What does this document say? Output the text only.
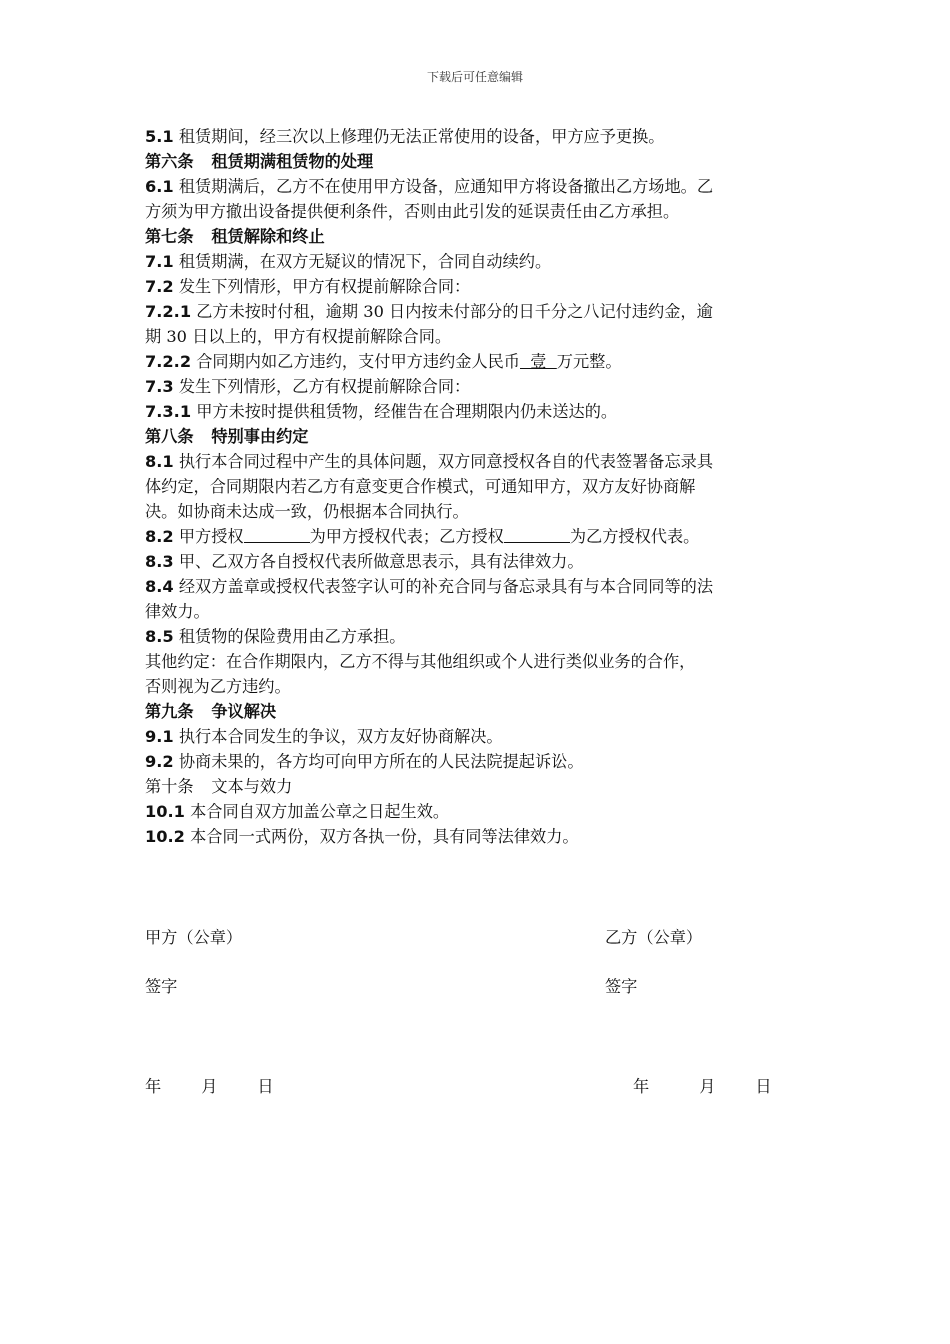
下载后可任意编辑
5.1 租赁期间，经三次以上修理仍无法正常使用的设备，甲方应予更换。
第六条 租赁期满租赁物的处理
6.1 租赁期满后，乙方不在使用甲方设备，应通知甲方将设备撤出乙方场地。乙
方须为甲方撤出设备提供便利条件，否则由此引发的延误责任由乙方承担。
第七条 租赁解除和终止
7.1 租赁期满，在双方无疑议的情况下，合同自动续约。
7.2 发生下列情形，甲方有权提前解除合同：
7.2.1 乙方未按时付租，逾期 30 日内按未付部分的日千分之八记付违约金，逾
期 30 日以上的，甲方有权提前解除合同。
7.2.2 合同期内如乙方违约，支付甲方违约金人民币  壹  万元整。
7.3 发生下列情形，乙方有权提前解除合同：
7.3.1 甲方未按时提供租赁物，经催告在合理期限内仍未送达的。
第八条 特别事由约定
8.1 执行本合同过程中产生的具体问题，双方同意授权各自的代表签署备忘录具
体约定，合同期限内若乙方有意变更合作模式，可通知甲方，双方友好协商解
决。如协商未达成一致，仍根据本合同执行。
8.2 甲方授权	为甲方授权代表；乙方授权	为乙方授权代表。
8.3 甲、乙双方各自授权代表所做意思表示，具有法律效力。
8.4 经双方盖章或授权代表签字认可的补充合同与备忘录具有与本合同同等的法
律效力。
8.5 租赁物的保险费用由乙方承担。
其他约定：在合作期限内，乙方不得与其他组织或个人进行类似业务的合作，
否则视为乙方违约。
第九条 争议解决
9.1 执行本合同发生的争议，双方友好协商解决。
9.2 协商未果的，各方均可向甲方所在的人民法院提起诉讼。
第十条 文本与效力
10.1 本合同自双方加盖公章之日起生效。
10.2 本合同一式两份，双方各执一份，具有同等法律效力。
甲方（公章）	乙方（公章）
签字	签字
年 月 日	年	月 日
